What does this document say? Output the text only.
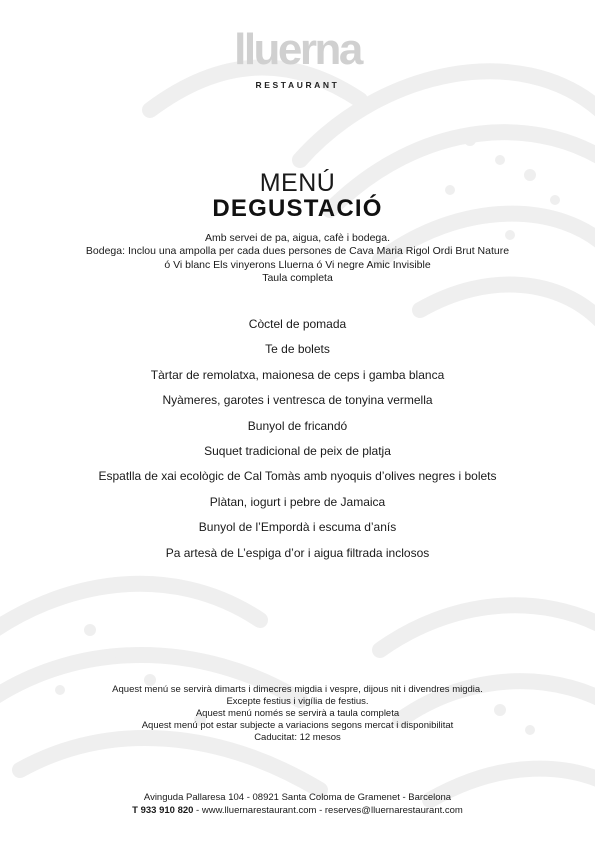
lluerna
RESTAURANT
MENÚ
DEGUSTACIÓ
Amb servei de pa, aigua, cafè i bodega.
Bodega: Inclou una ampolla per cada dues persones de Cava Maria Rigol Ordi Brut Nature
ó Vi blanc Els vinyerons Lluerna ó Vi negre Amic Invisible
Taula completa
Còctel de pomada
Te de bolets
Tàrtar de remolatxa, maionesa de ceps i gamba blanca
Nyàmeres, garotes i ventresca de tonyina vermella
Bunyol de fricandó
Suquet tradicional de peix de platja
Espatlla de xai ecològic de Cal Tomàs amb nyoquis d’olives negres i bolets
Plàtan, iogurt i pebre de Jamaica
Bunyol de l’Empordà i escuma d’anís
Pa artesà de L’espiga d’or i aigua filtrada inclosos
Aquest menú se servirà dimarts i dimecres migdia i vespre, dijous nit i divendres migdia.
Excepte festius i vigília de festius.
Aquest menú només se servirà a taula completa
Aquest menú pot estar subjecte a variacions segons mercat i disponibilitat
Caducitat: 12 mesos
Avinguda Pallaresa 104 - 08921 Santa Coloma de Gramenet - Barcelona
T 933 910 820 - www.lluernarestaurant.com - reserves@lluernarestaurant.com
